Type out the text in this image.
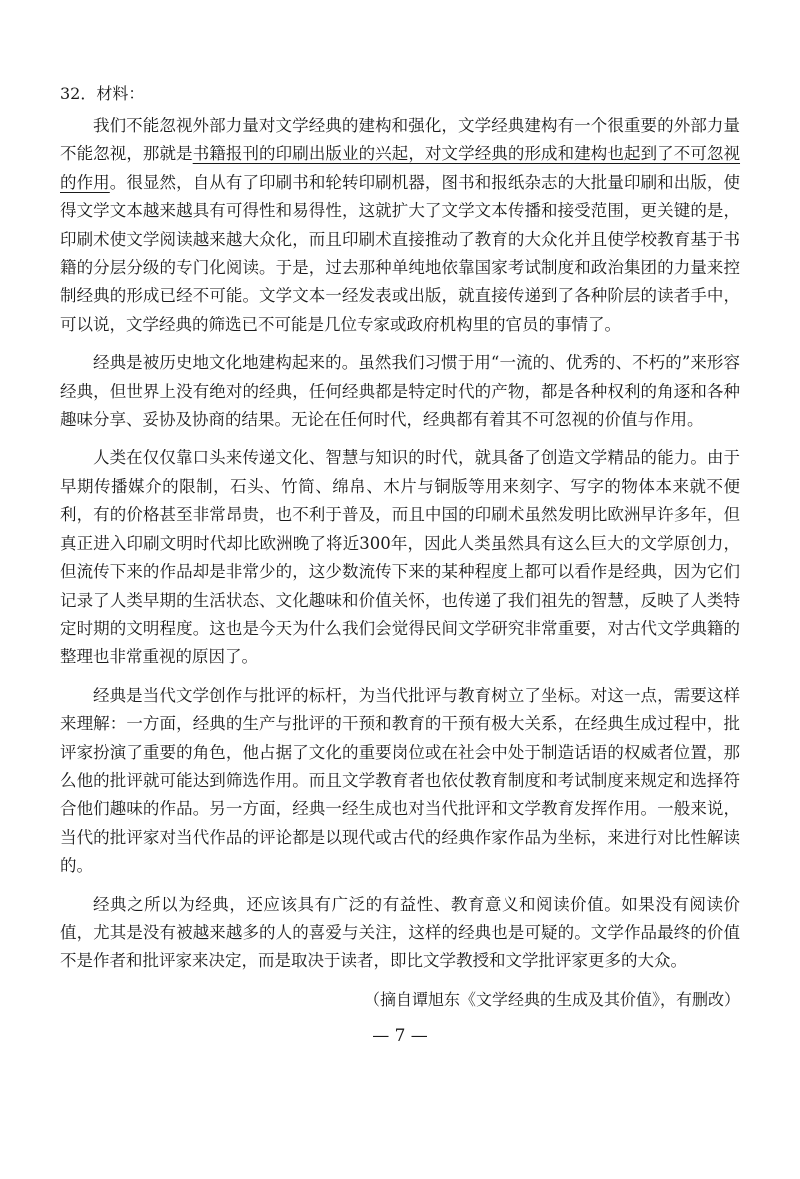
32．材料：

我们不能忽视外部力量对文学经典的建构和强化，文学经典建构有一个很重要的外部力量不能忽视，那就是书籍报刊的印刷出版业的兴起，对文学经典的形成和建构也起到了不可忽视的作用。很显然，自从有了印刷书和轮转印刷机器，图书和报纸杂志的大批量印刷和出版，使得文学文本越来越具有可得性和易得性，这就扩大了文学文本传播和接受范围，更关键的是，印刷术使文学阅读越来越大众化，而且印刷术直接推动了教育的大众化并且使学校教育基于书籍的分层分级的专门化阅读。于是，过去那种单纯地依靠国家考试制度和政治集团的力量来控制经典的形成已经不可能。文学文本一经发表或出版，就直接传递到了各种阶层的读者手中，可以说，文学经典的筛选已不可能是几位专家或政府机构里的官员的事情了。

经典是被历史地文化地建构起来的。虽然我们习惯于用“一流的、优秀的、不朽的”来形容经典，但世界上没有绝对的经典，任何经典都是特定时代的产物，都是各种权利的角逐和各种趣味分享、妥协及协商的结果。无论在任何时代，经典都有着其不可忽视的价值与作用。

人类在仅仅靠口头来传递文化、智慧与知识的时代，就具备了创造文学精品的能力。由于早期传播媒介的限制，石头、竹简、绵帛、木片与铜版等用来刻字、写字的物体本来就不便利，有的价格甚至非常昂贵，也不利于普及，而且中国的印刷术虽然发明比欧洲早许多年，但真正进入印刷文明时代却比欧洲晚了将近300年，因此人类虽然具有这么巨大的文学原创力，但流传下来的作品却是非常少的，这少数流传下来的某种程度上都可以看作是经典，因为它们记录了人类早期的生活状态、文化趣味和价值关怀，也传递了我们祖先的智慧，反映了人类特定时期的文明程度。这也是今天为什么我们会觉得民间文学研究非常重要，对古代文学典籍的整理也非常重视的原因了。

经典是当代文学创作与批评的标杆，为当代批评与教育树立了坐标。对这一点，需要这样来理解：一方面，经典的生产与批评的干预和教育的干预有极大关系，在经典生成过程中，批评家扮演了重要的角色，他占据了文化的重要岗位或在社会中处于制造话语的权威者位置，那么他的批评就可能达到筛选作用。而且文学教育者也依仗教育制度和考试制度来规定和选择符合他们趣味的作品。另一方面，经典一经生成也对当代批评和文学教育发挥作用。一般来说，当代的批评家对当代作品的评论都是以现代或古代的经典作家作品为坐标，来进行对比性解读的。

经典之所以为经典，还应该具有广泛的有益性、教育意义和阅读价值。如果没有阅读价值，尤其是没有被越来越多的人的喜爱与关注，这样的经典也是可疑的。文学作品最终的价值不是作者和批评家来决定，而是取决于读者，即比文学教授和文学批评家更多的大众。

（摘自谭旭东《文学经典的生成及其价值》，有删改）
— 7 —
